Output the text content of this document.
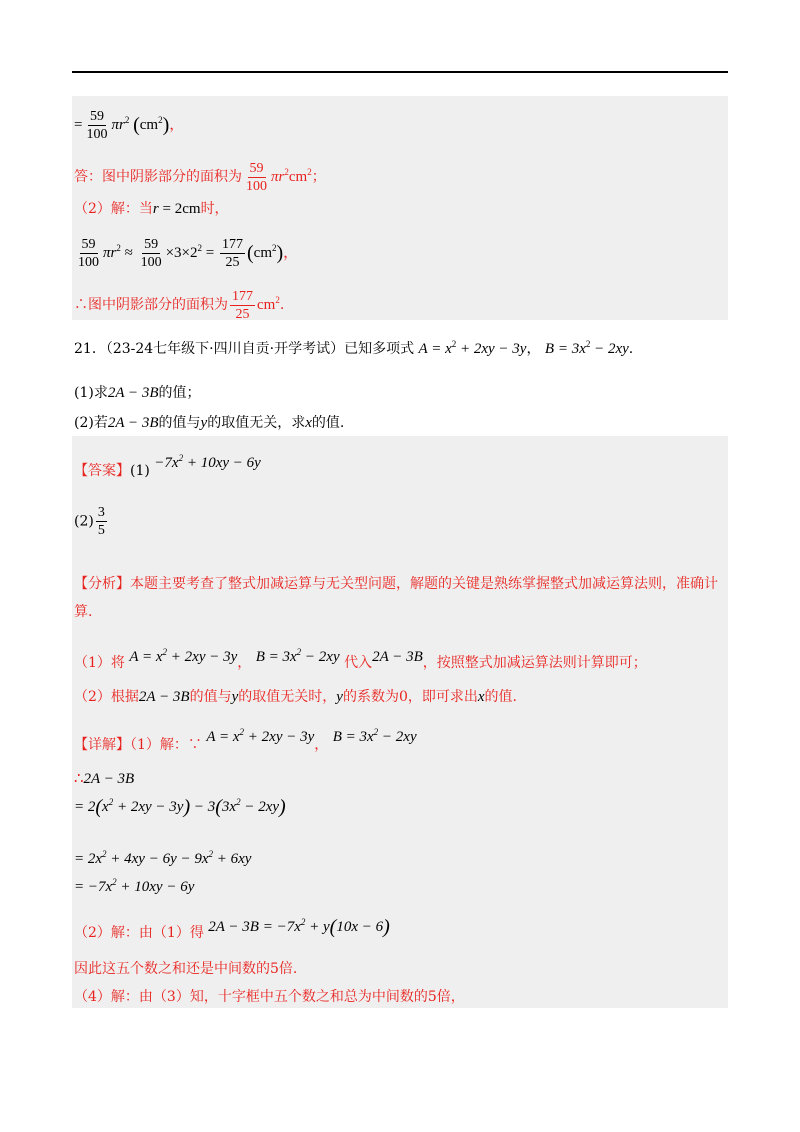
= $\frac{59}{100} \pi r^2$ $(cm^2)$，
答：图中阴影部分的面积为 $\frac{59}{100} \pi r^2cm^2$；
（2）解：当r = 2cm时，
$\frac{59}{100} \pi r^2 \approx \frac{59}{100} \times 3\times 2^2 = \frac{177}{25} (cm^2)$，
∴图中阴影部分的面积为 $\frac{177}{25} cm^2$.
21．（23-24七年级下·四川自贡·开学考试）已知多项式 $A = x^2 + 2xy - 3y$， $B = 3x^2 - 2xy$.
(1)求2A − 3B的值；
(2)若2A − 3B的值与y的取值无关，求x的值.
【答案】$(1) -7x^2 + 10xy - 6y$
$(2) \frac{3}{5}$
【分析】本题主要考查了整式加减运算与无关型问题，解题的关键是熟练掌握整式加减运算法则，准确计
算.
（1）将 $A = x^2 + 2xy - 3y$， $B = 3x^2 - 2xy$ 代入2A − 3B，按照整式加减运算法则计算即可；
（2）根据2A − 3B的值与y的取值无关时，y的系数为0，即可求出x的值.
【详解】（1）解：∵ $A = x^2 + 2xy - 3y$， $B = 3x^2 - 2xy$
∴2A − 3B
= $2(x^2 + 2xy - 3y) - 3(3x^2 - 2xy)$
= $2x^2 + 4xy - 6y - 9x^2 + 6xy$
= $-7x^2 + 10xy - 6y$
（2）解：由（1）得 $2A - 3B = -7x^2 + y(10x - 6)$
因此这五个数之和还是中间数的5倍.
（4）解：由（3）知，十字框中五个数之和总为中间数的5倍，
